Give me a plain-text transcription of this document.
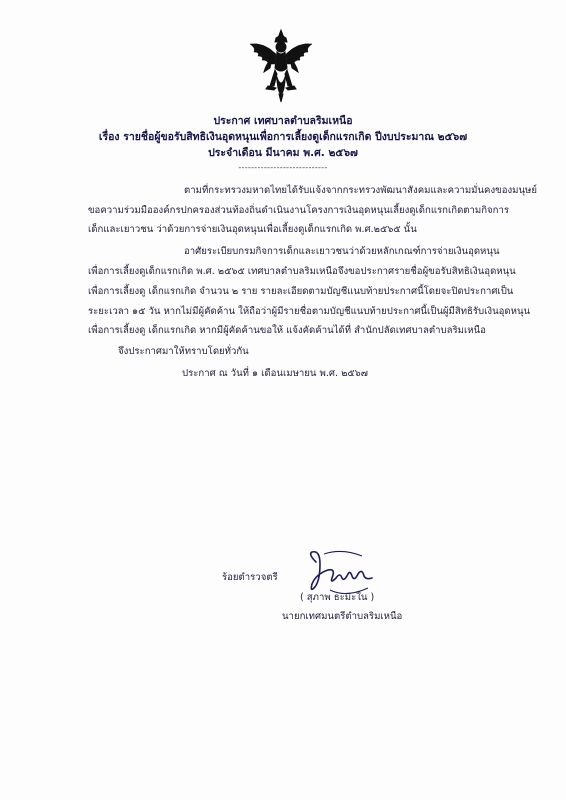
ประกาศ เทศบาลตำบลริมเหนือ
เรื่อง รายชื่อผู้ขอรับสิทธิเงินอุดหนุนเพื่อการเลี้ยงดูเด็กแรกเกิด ปีงบประมาณ ๒๕๖๗
ประจำเดือน มีนาคม พ.ศ. ๒๕๖๗
----------------------------
ตามที่กระทรวงมหาดไทยได้รับแจ้งจากกระทรวงพัฒนาสังคมและความมั่นคงของมนุษย์
ขอความร่วมมือองค์กรปกครองส่วนท้องถิ่นดำเนินงานโครงการเงินอุดหนุนเลี้ยงดูเด็กแรกเกิดตามกิจการ
เด็กและเยาวชน ว่าด้วยการจ่ายเงินอุดหนุนเพื่อเลี้ยงดูเด็กแรกเกิด พ.ศ.๒๕๖๕ นั้น
อาศัยระเบียบกรมกิจการเด็กและเยาวชนว่าด้วยหลักเกณฑ์การจ่ายเงินอุดหนุน
เพื่อการเลี้ยงดูเด็กแรกเกิด พ.ศ. ๒๕๖๕ เทศบาลตำบลริมเหนือจึงขอประกาศรายชื่อผู้ขอรับสิทธิเงินอุดหนุน
เพื่อการเลี้ยงดู เด็กแรกเกิด จำนวน ๒ ราย รายละเอียดตามบัญชีแนบท้ายประกาศนี้โดยจะปิดประกาศเป็น
ระยะเวลา ๑๕ วัน หากไม่มีผู้คัดค้าน ให้ถือว่าผู้มีรายชื่อตามบัญชีแนบท้ายประกาศนี้เป็นผู้มีสิทธิรับเงินอุดหนุน
เพื่อการเลี้ยงดู เด็กแรกเกิด หากมีผู้คัดค้านขอให้ แจ้งคัดค้านได้ที่ สำนักปลัดเทศบาลตำบลริมเหนือ
จึงประกาศมาให้ทราบโดยทั่วกัน
ประกาศ ณ วันที่ ๑ เดือนเมษายน พ.ศ. ๒๕๖๗
ร้อยตำรวจตรี
( สุภาพ ธะมะใน )
นายกเทศมนตรีตำบลริมเหนือ
